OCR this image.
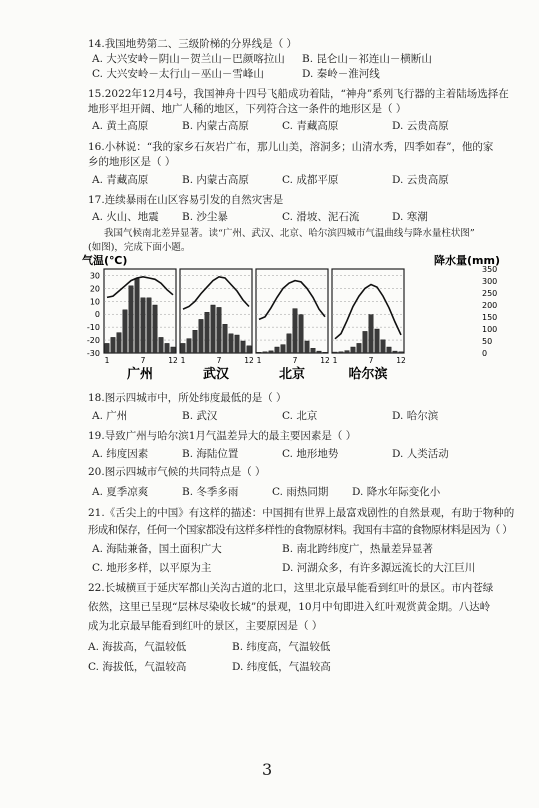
14.我国地势第二、三级阶梯的分界线是（ ）
A. 大兴安岭－阴山－贺兰山－巴颜喀拉山 B. 昆仑山－祁连山－横断山
C. 大兴安岭－太行山－巫山－雪峰山	D. 秦岭－淮河线
15.2022年12月4号，我国神舟十四号飞船成功着陆，“神舟”系列飞行器的主着陆场选择在
地形平坦开阔、地广人稀的地区，下列符合这一条件的地形区是（ ）
A. 黄土高原	B. 内蒙古高原	C. 青藏高原	D. 云贵高原
16.小林说：“我的家乡石灰岩广布，那儿山美，溶洞多；山清水秀，四季如春”，他的家
乡的地形区是（ ）
A. 青藏高原	B. 内蒙古高原	C. 成都平原	D. 云贵高原
17.连续暴雨在山区容易引发的自然灾害是
A. 火山、地震 B. 沙尘暴	C. 滑坡、泥石流	D. 寒潮
我国气候南北差异显著。读“广州、武汉、北京、哈尔滨四城市气温曲线与降水量柱状图”
(如图)，完成下面小题。
气温(℃)	降水量(mm)
30
20
10
0
-10
-20
-30
350
300
250
200
150
100
50
0
1	7	12
广州
1	7	12
武汉
1	7	12
北京
1	7	12
哈尔滨
18.图示四城市中，所处纬度最低的是（ ）
A. 广州	B. 武汉	C. 北京	D. 哈尔滨
19.导致广州与哈尔滨1月气温差异大的最主要因素是（ ）
A. 纬度因素	B. 海陆位置	C. 地形地势	D. 人类活动
20.图示四城市气候的共同特点是（ ）
A. 夏季凉爽	B. 冬季多雨	C. 雨热同期 D. 降水年际变化小
21.《舌尖上的中国》有这样的描述：中国拥有世界上最富戏剧性的自然景观，有助于物种的
形成和保存，任何一个国家都没有这样多样性的食物原材料。我国有丰富的食物原材料是因为（ ）
A. 海陆兼备，国土面积广大	B. 南北跨纬度广，热量差异显著
C. 地形多样，以平原为主	D. 河湖众多，有许多源远流长的大江巨川
22.长城横亘于延庆军都山关沟古道的北口，这里北京最早能看到红叶的景区。市内苍绿
依然，这里已呈现“层林尽染收长城”的景观，10月中旬即进入红叶观赏黄金期。八达岭
成为北京最早能看到红叶的景区，主要原因是（ ）
A. 海拔高，气温较低	B. 纬度高，气温较低
C. 海拔低，气温较高	D. 纬度低，气温较高
3
